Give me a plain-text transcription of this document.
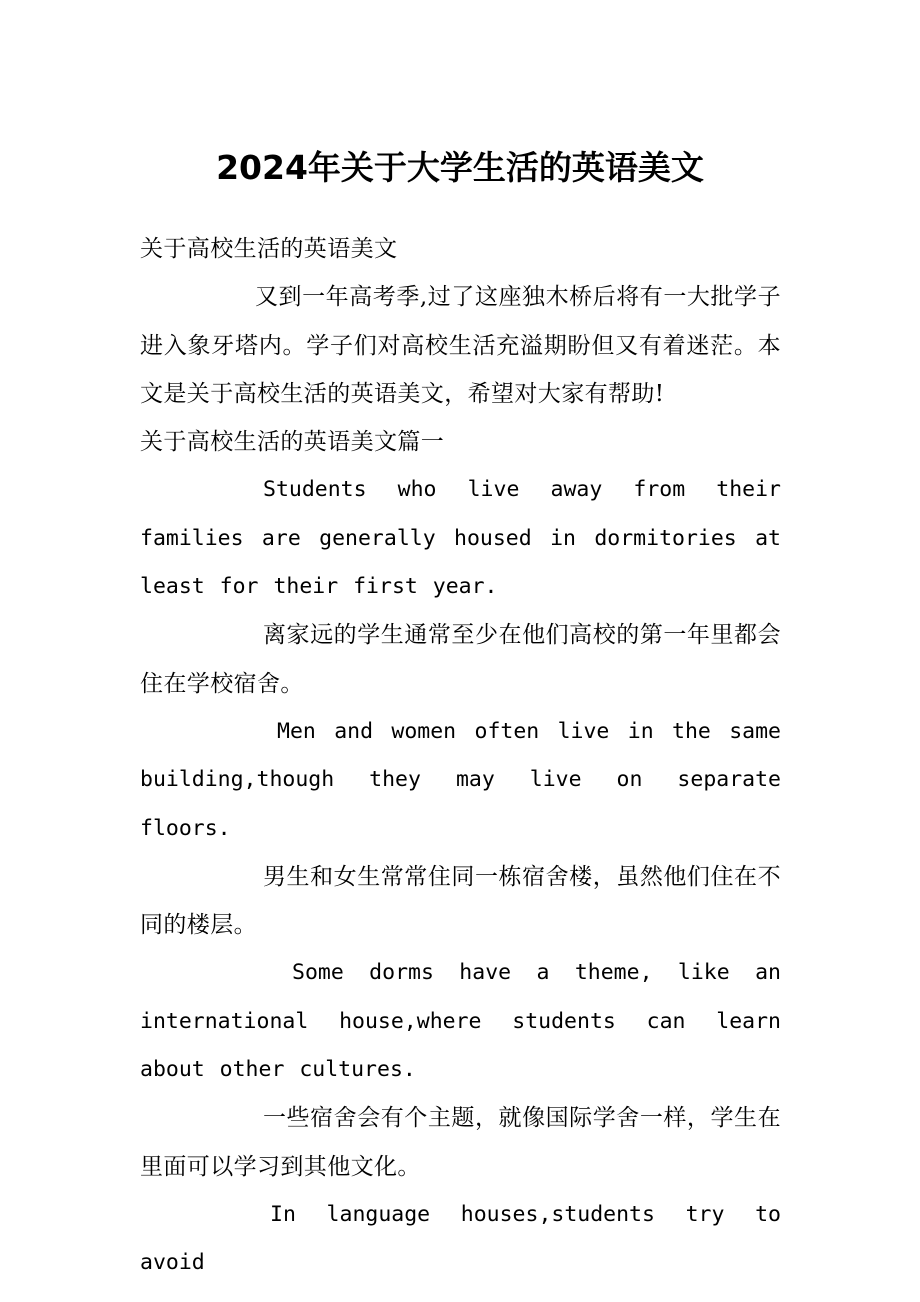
2024年关于大学生活的英语美文

关于高校生活的英语美文

又到一年高考季,过了这座独木桥后将有一大批学子进入象牙塔内。学子们对高校生活充溢期盼但又有着迷茫。本文是关于高校生活的英语美文，希望对大家有帮助!

关于高校生活的英语美文篇一

Students who live away from their families are generally housed in dormitories at least for their first year.

离家远的学生通常至少在他们高校的第一年里都会住在学校宿舍。

Men and women often live in the same building,though they may live on separate floors.

男生和女生常常住同一栋宿舍楼，虽然他们住在不同的楼层。

Some dorms have a theme, like an international house,where students can learn about other cultures.

一些宿舍会有个主题，就像国际学舍一样，学生在里面可以学习到其他文化。

In language houses,students try to avoid
